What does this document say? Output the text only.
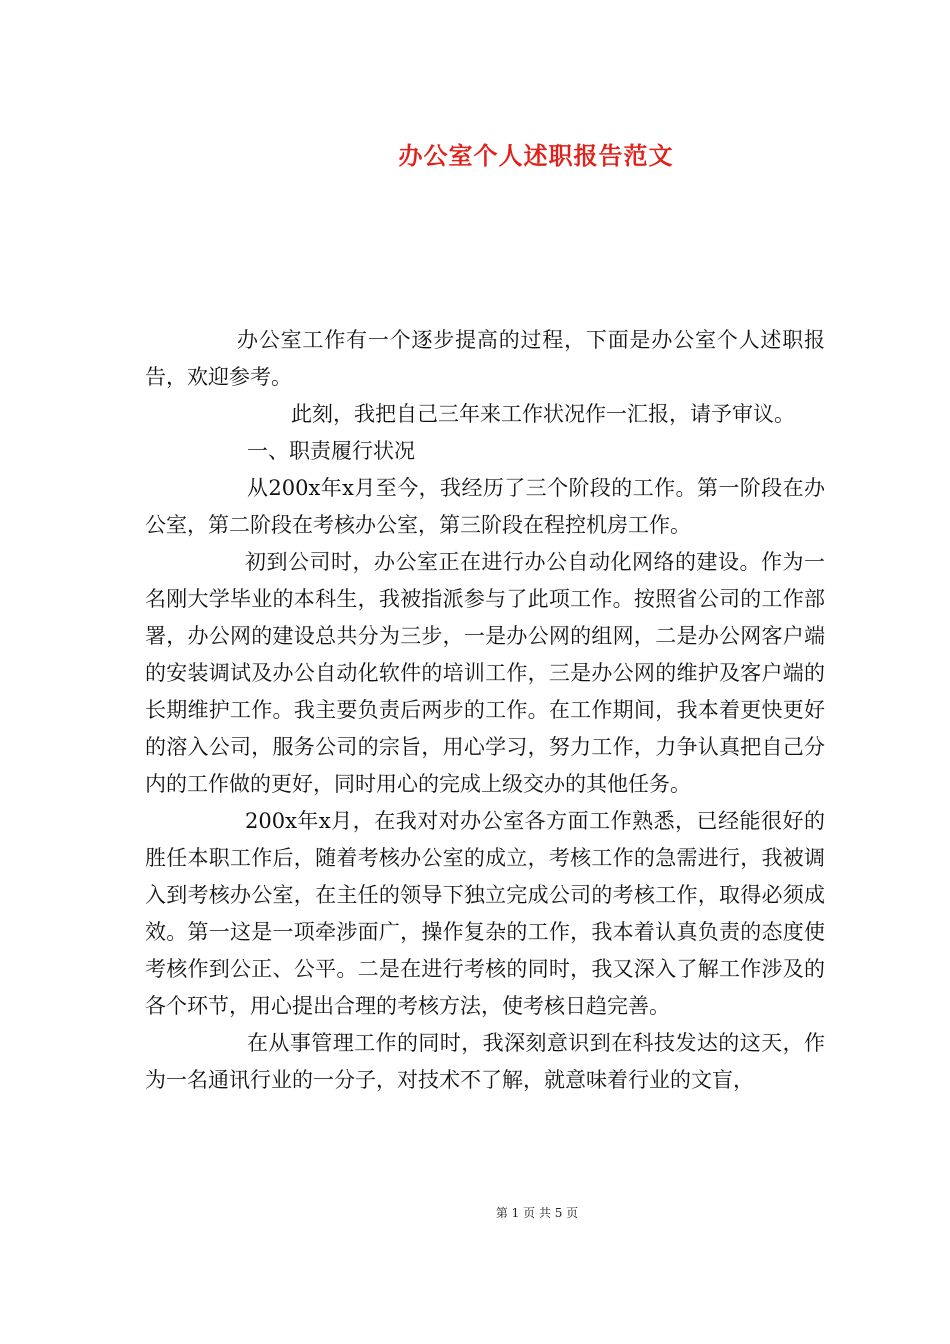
办公室个人述职报告范文

办公室工作有一个逐步提高的过程，下面是办公室个人述职报告，欢迎参考。

此刻，我把自己三年来工作状况作一汇报，请予审议。

一、职责履行状况

从200x年x月至今，我经历了三个阶段的工作。第一阶段在办公室，第二阶段在考核办公室，第三阶段在程控机房工作。

初到公司时，办公室正在进行办公自动化网络的建设。作为一名刚大学毕业的本科生，我被指派参与了此项工作。按照省公司的工作部署，办公网的建设总共分为三步，一是办公网的组网，二是办公网客户端的安装调试及办公自动化软件的培训工作，三是办公网的维护及客户端的长期维护工作。我主要负责后两步的工作。在工作期间，我本着更快更好的溶入公司，服务公司的宗旨，用心学习，努力工作，力争认真把自己分内的工作做的更好，同时用心的完成上级交办的其他任务。

200x年x月，在我对对办公室各方面工作熟悉，已经能很好的胜任本职工作后，随着考核办公室的成立，考核工作的急需进行，我被调入到考核办公室，在主任的领导下独立完成公司的考核工作，取得必须成效。第一这是一项牵涉面广，操作复杂的工作，我本着认真负责的态度使考核作到公正、公平。二是在进行考核的同时，我又深入了解工作涉及的各个环节，用心提出合理的考核方法，使考核日趋完善。

在从事管理工作的同时，我深刻意识到在科技发达的这天，作为一名通讯行业的一分子，对技术不了解，就意味着行业的文盲，

第 1 页 共 5 页
